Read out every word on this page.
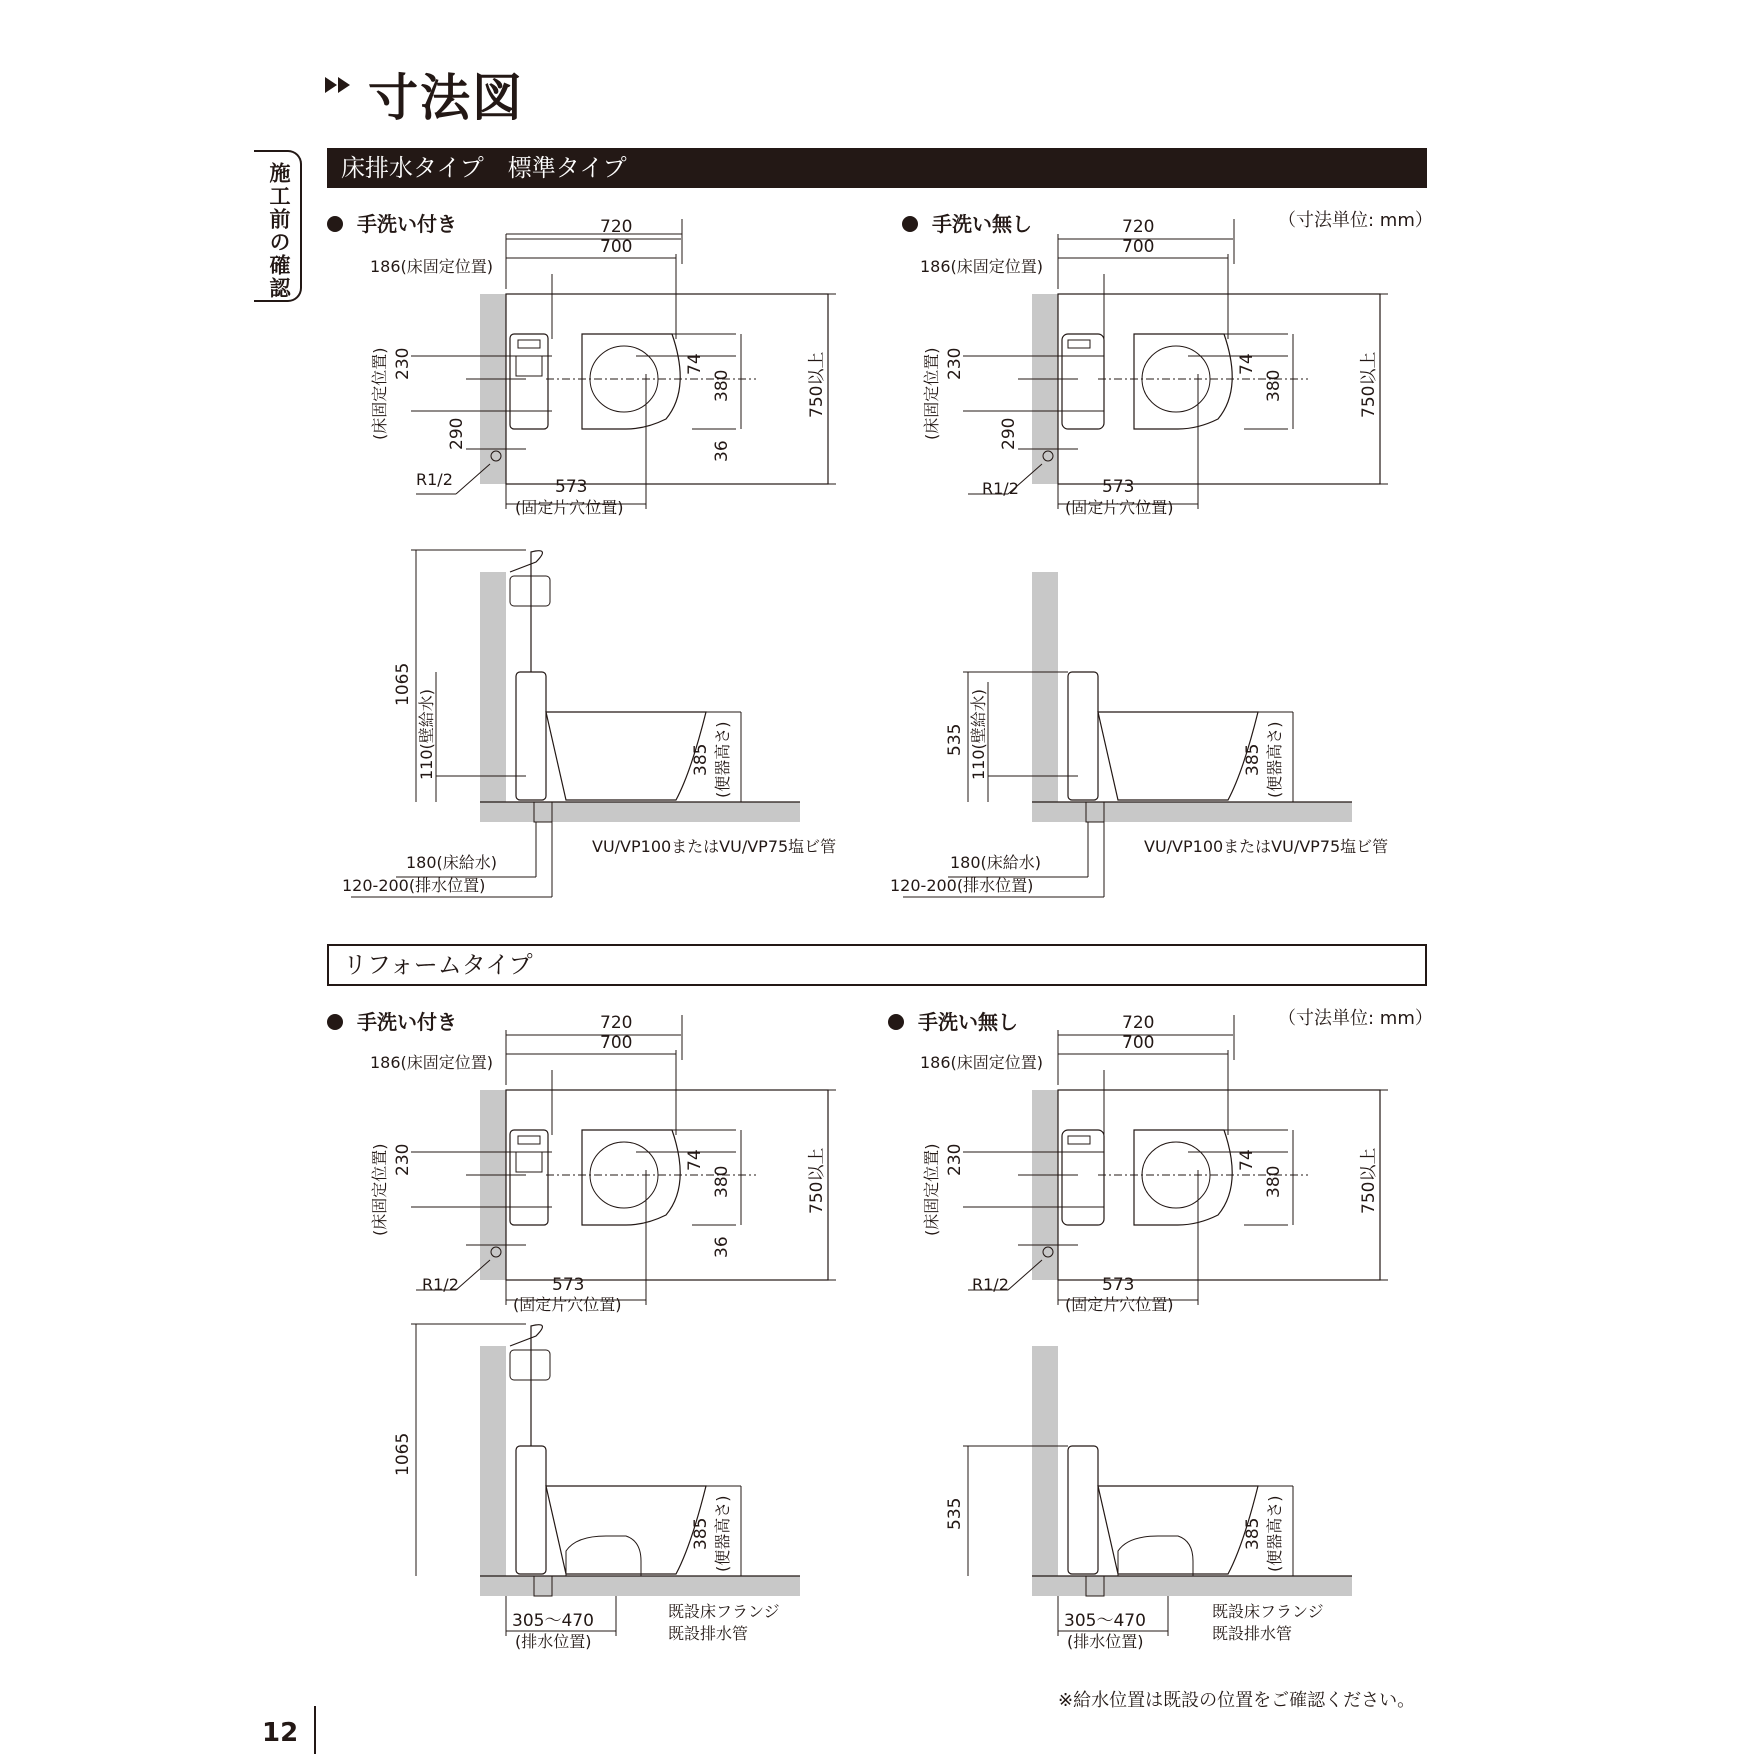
寸法図
施工前の確認	床排水タイプ　標準タイプ
手洗い付き	手洗い無し	（寸法単位: mm）
リフォームタイプ
手洗い付き	手洗い無し	（寸法単位: mm）
720
700
186(床固定位置)
(床固定位置) 230
290
74
380
36
750以上
R1/2	573
(固定片穴位置)
720
700
186(床固定位置)
(床固定位置) 230
290
74
380	750以上
R1/2	573
(固定片穴位置)
1065
110(壁給水)	385 (便器高さ)
VU/VP100またはVU/VP75塩ビ管
180(床給水)
120-200(排水位置)
535 110(壁給水)	385 (便器高さ)
VU/VP100またはVU/VP75塩ビ管
180(床給水)
120-200(排水位置)
720
700
186(床固定位置)
(床固定位置) 230	74
380
36
750以上
R1/2	573
(固定片穴位置)
720
700
186(床固定位置)
(床固定位置) 230	74
380	750以上
R1/2	573
(固定片穴位置)
1065
385 (便器高さ)
305～470
(排水位置)
既設床フランジ
既設排水管
535
385 (便器高さ)
305～470
(排水位置)
既設床フランジ
既設排水管
※給水位置は既設の位置をご確認ください。
12
